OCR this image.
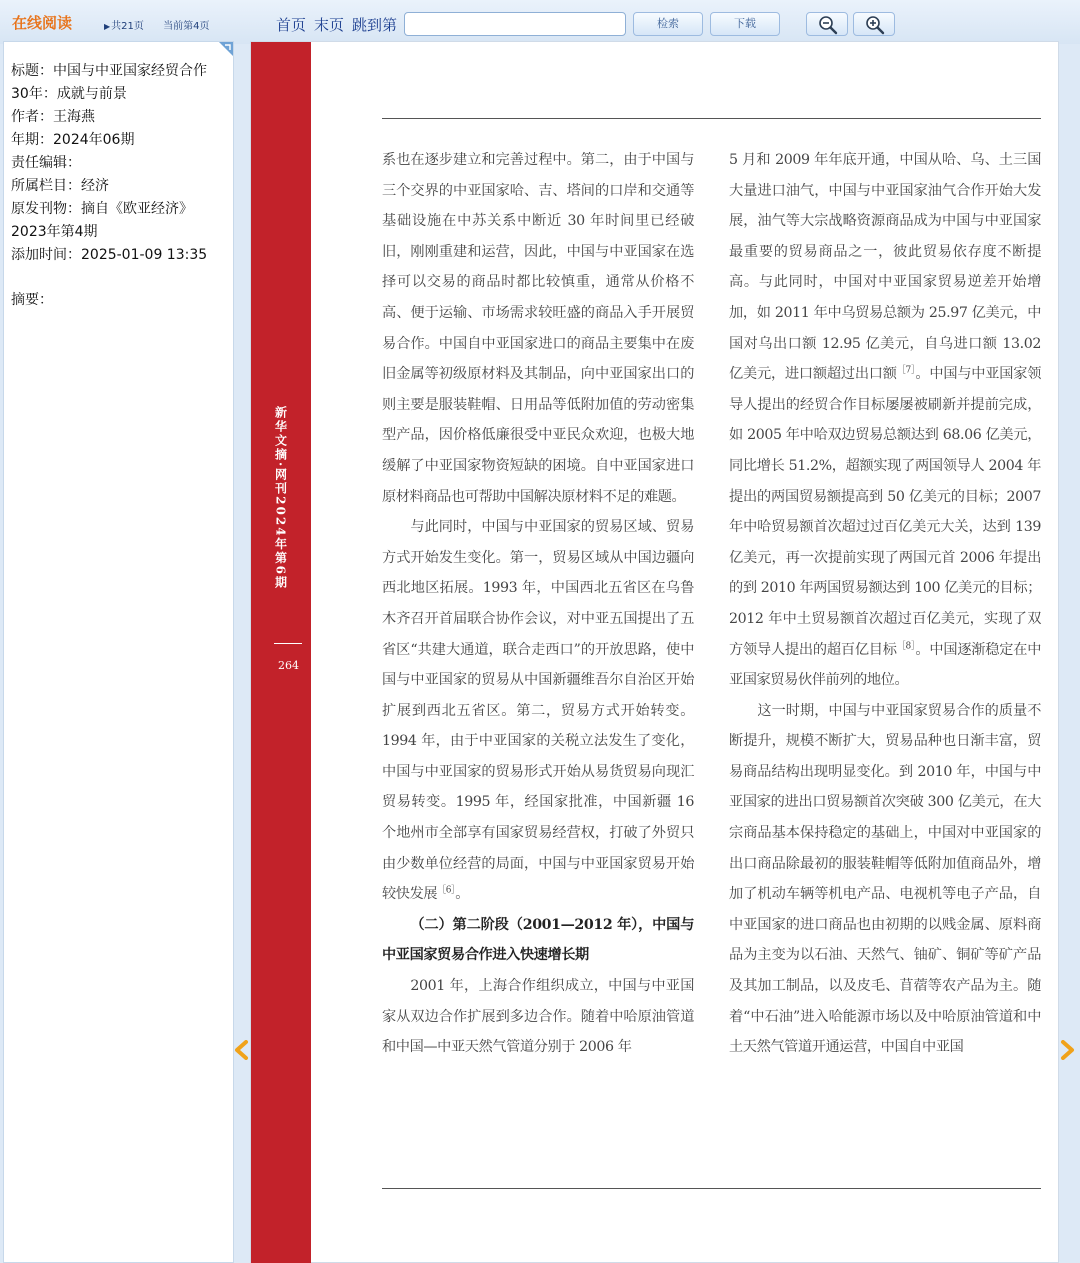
在线阅读	▶共21页 当前第4页	首页 末页 跳到第	检索	下载
标题：中国与中亚国家经贸合作
30年：成就与前景
作者：王海燕
年期：2024年06期
责任编辑：
所属栏目：经济
原发刊物：摘自《欧亚经济》
2023年第4期
添加时间：2025-01-09 13:35
摘要：
新华文摘·网刊2024年第6期
264

系也在逐步建立和完善过程中。第二，由于中国与三个交界的中亚国家哈、吉、塔间的口岸和交通等基础设施在中苏关系中断近 30 年时间里已经破旧，刚刚重建和运营，因此，中国与中亚国家在选择可以交易的商品时都比较慎重，通常从价格不高、便于运输、市场需求较旺盛的商品入手开展贸易合作。中国自中亚国家进口的商品主要集中在废旧金属等初级原材料及其制品，向中亚国家出口的则主要是服装鞋帽、日用品等低附加值的劳动密集型产品，因价格低廉很受中亚民众欢迎，也极大地缓解了中亚国家物资短缺的困境。自中亚国家进口原材料商品也可帮助中国解决原材料不足的难题。

与此同时，中国与中亚国家的贸易区域、贸易方式开始发生变化。第一，贸易区域从中国边疆向西北地区拓展。1993 年，中国西北五省区在乌鲁木齐召开首届联合协作会议，对中亚五国提出了五省区“共建大通道，联合走西口”的开放思路，使中国与中亚国家的贸易从中国新疆维吾尔自治区开始扩展到西北五省区。第二，贸易方式开始转变。1994 年，由于中亚国家的关税立法发生了变化，中国与中亚国家的贸易形式开始从易货贸易向现汇贸易转变。1995 年，经国家批准，中国新疆 16 个地州市全部享有国家贸易经营权，打破了外贸只由少数单位经营的局面，中国与中亚国家贸易开始较快发展$^{[6]}$。

（二）第二阶段（2001—2012 年），中国与中亚国家贸易合作进入快速增长期

2001 年，上海合作组织成立，中国与中亚国家从双边合作扩展到多边合作。随着中哈原油管道和中国—中亚天然气管道分别于 2006 年

5 月和 2009 年年底开通，中国从哈、乌、土三国大量进口油气，中国与中亚国家油气合作开始大发展，油气等大宗战略资源商品成为中国与中亚国家最重要的贸易商品之一，彼此贸易依存度不断提高。与此同时，中国对中亚国家贸易逆差开始增加，如 2011 年中乌贸易总额为 25.97 亿美元，中国对乌出口额 12.95 亿美元，自乌进口额 13.02 亿美元，进口额超过出口额$^{[7]}$。中国与中亚国家领导人提出的经贸合作目标屡屡被刷新并提前完成，如 2005 年中哈双边贸易总额达到 68.06 亿美元，同比增长 51.2%，超额实现了两国领导人 2004 年提出的两国贸易额提高到 50 亿美元的目标；2007 年中哈贸易额首次超过过百亿美元大关，达到 139 亿美元，再一次提前实现了两国元首 2006 年提出的到 2010 年两国贸易额达到 100 亿美元的目标；2012 年中土贸易额首次超过百亿美元，实现了双方领导人提出的超百亿目标$^{[8]}$。中国逐渐稳定在中亚国家贸易伙伴前列的地位。

这一时期，中国与中亚国家贸易合作的质量不断提升，规模不断扩大，贸易品种也日渐丰富，贸易商品结构出现明显变化。到 2010 年，中国与中亚国家的进出口贸易额首次突破 300 亿美元，在大宗商品基本保持稳定的基础上，中国对中亚国家的出口商品除最初的服装鞋帽等低附加值商品外，增加了机动车辆等机电产品、电视机等电子产品，自中亚国家的进口商品也由初期的以贱金属、原料商品为主变为以石油、天然气、铀矿、铜矿等矿产品及其加工制品，以及皮毛、苜蓿等农产品为主。随着“中石油”进入哈能源市场以及中哈原油管道和中土天然气管道开通运营，中国自中亚国
